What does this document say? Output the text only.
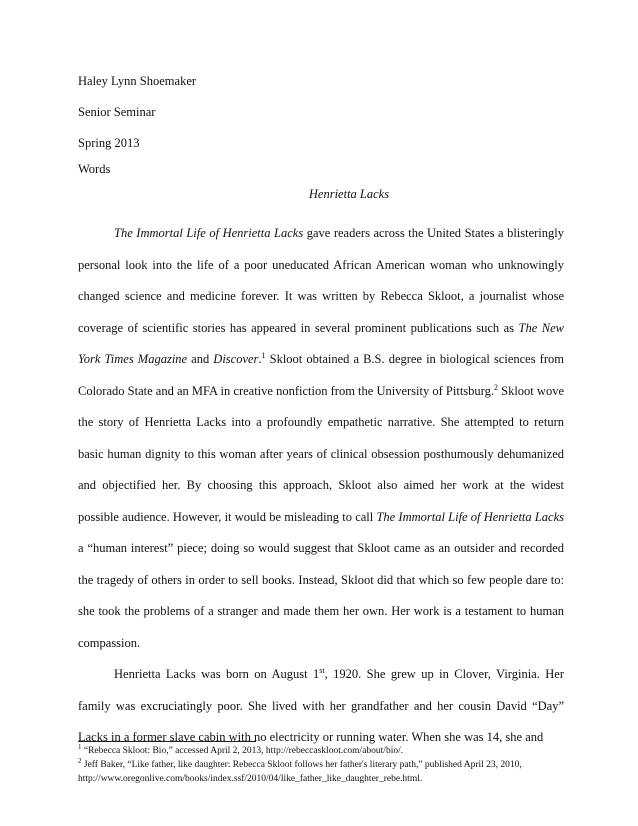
Haley Lynn Shoemaker
Senior Seminar
Spring 2013
Words
Henrietta Lacks

The Immortal Life of Henrietta Lacks gave readers across the United States a blisteringly personal look into the life of a poor uneducated African American woman who unknowingly changed science and medicine forever. It was written by Rebecca Skloot, a journalist whose coverage of scientific stories has appeared in several prominent publications such as The New York Times Magazine and Discover.$^1$ Skloot obtained a B.S. degree in biological sciences from Colorado State and an MFA in creative nonfiction from the University of Pittsburg.$^2$ Skloot wove the story of Henrietta Lacks into a profoundly empathetic narrative. She attempted to return basic human dignity to this woman after years of clinical obsession posthumously dehumanized and objectified her. By choosing this approach, Skloot also aimed her work at the widest possible audience. However, it would be misleading to call The Immortal Life of Henrietta Lacks a “human interest” piece; doing so would suggest that Skloot came as an outsider and recorded the tragedy of others in order to sell books. Instead, Skloot did that which so few people dare to: she took the problems of a stranger and made them her own. Her work is a testament to human compassion.

Henrietta Lacks was born on August 1st, 1920. She grew up in Clover, Virginia. Her family was excruciatingly poor. She lived with her grandfather and her cousin David “Day” Lacks in a former slave cabin with no electricity or running water. When she was 14, she and

$^1$ “Rebecca Skloot: Bio,” accessed April 2, 2013, http://rebeccaskloot.com/about/bio/.
$^2$ Jeff Baker, “Like father, like daughter: Rebecca Skloot follows her father's literary path,” published April 23, 2010, http://www.oregonlive.com/books/index.ssf/2010/04/like_father_like_daughter_rebe.html.
